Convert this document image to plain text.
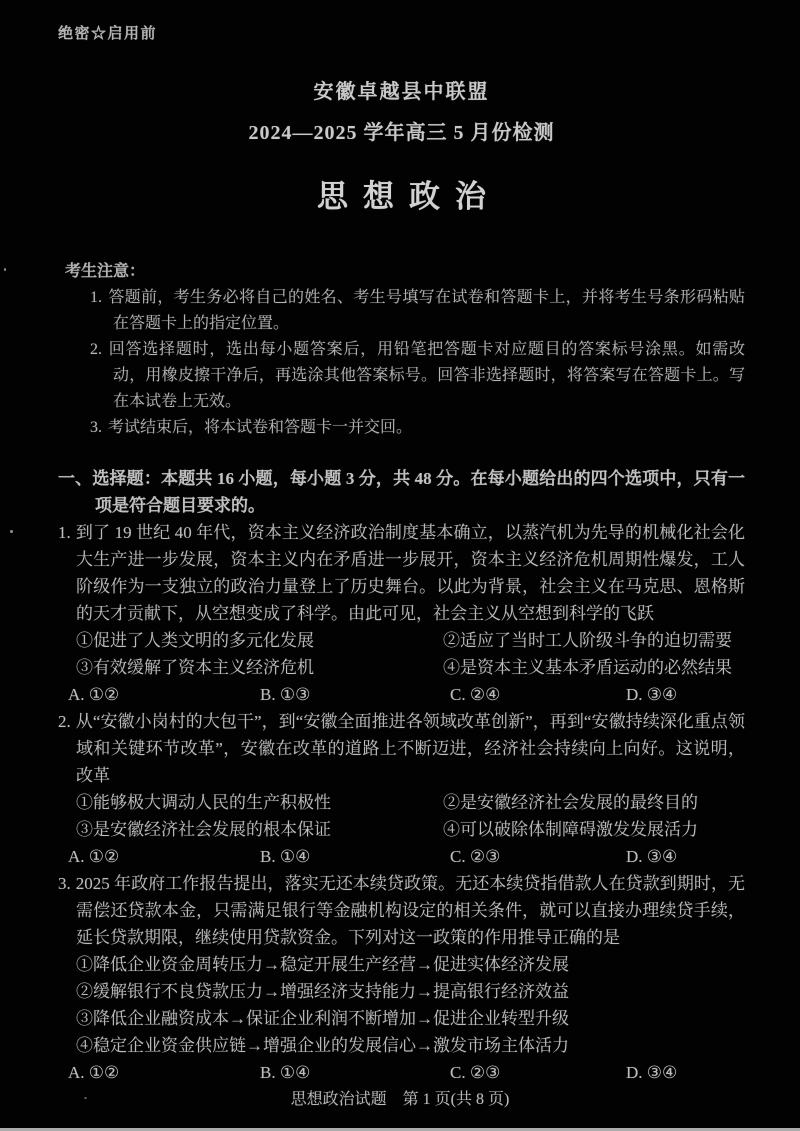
绝密☆启用前
安徽卓越县中联盟
2024—2025 学年高三 5 月份检测
思想政治
考生注意：
1. 答题前，考生务必将自己的姓名、考生号填写在试卷和答题卡上，并将考生号条形码粘贴在答题卡上的指定位置。
2. 回答选择题时，选出每小题答案后，用铅笔把答题卡对应题目的答案标号涂黑。如需改动，用橡皮擦干净后，再选涂其他答案标号。回答非选择题时，将答案写在答题卡上。写在本试卷上无效。
3. 考试结束后，将本试卷和答题卡一并交回。
一、选择题：本题共 16 小题，每小题 3 分，共 48 分。在每小题给出的四个选项中，只有一项是符合题目要求的。

1. 到了 19 世纪 40 年代，资本主义经济政治制度基本确立，以蒸汽机为先导的机械化社会化大生产进一步发展，资本主义内在矛盾进一步展开，资本主义经济危机周期性爆发，工人阶级作为一支独立的政治力量登上了历史舞台。以此为背景，社会主义在马克思、恩格斯的天才贡献下，从空想变成了科学。由此可见，社会主义从空想到科学的飞跃

①促进了人类文明的多元化发展	②适应了当时工人阶级斗争的迫切需要
③有效缓解了资本主义经济危机	④是资本主义基本矛盾运动的必然结果
A. ①②	B. ①③	C. ②④	D. ③④

2. 从“安徽小岗村的大包干”，到“安徽全面推进各领域改革创新”，再到“安徽持续深化重点领域和关键环节改革”，安徽在改革的道路上不断迈进，经济社会持续向上向好。这说明，改革

①能够极大调动人民的生产积极性	②是安徽经济社会发展的最终目的
③是安徽经济社会发展的根本保证	④可以破除体制障碍激发发展活力
A. ①②	B. ①④	C. ②③	D. ③④

3. 2025 年政府工作报告提出，落实无还本续贷政策。无还本续贷指借款人在贷款到期时，无需偿还贷款本金，只需满足银行等金融机构设定的相关条件，就可以直接办理续贷手续，延长贷款期限，继续使用贷款资金。下列对这一政策的作用推导正确的是

①降低企业资金周转压力→稳定开展生产经营→促进实体经济发展
②缓解银行不良贷款压力→增强经济支持能力→提高银行经济效益
③降低企业融资成本→保证企业利润不断增加→促进企业转型升级
④稳定企业资金供应链→增强企业的发展信心→激发市场主体活力
A. ①②	B. ①④	C. ②③	D. ③④
思想政治试题　第 1 页(共 8 页)
